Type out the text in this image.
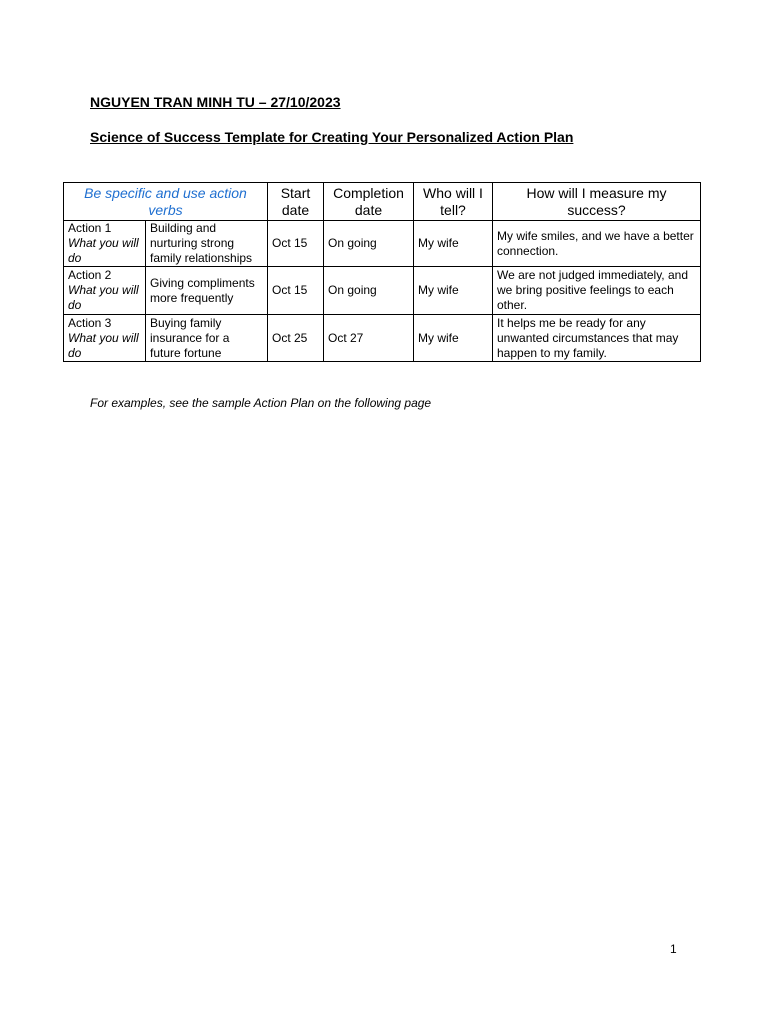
NGUYEN TRAN MINH TU – 27/10/2023

Science of Success Template for Creating Your Personalized Action Plan

Be specific and use action verbs		Start date	Completion date	Who will I tell?	How will I measure my success?
Action 1
What you will do	Building and nurturing strong family relationships	Oct 15	On going	My wife	My wife smiles, and we have a better connection.
Action 2
What you will do	Giving compliments more frequently	Oct 15	On going	My wife	We are not judged immediately, and we bring positive feelings to each other.
Action 3
What you will do	Buying family insurance for a future fortune	Oct 25	Oct 27	My wife	It helps me be ready for any unwanted circumstances that may happen to my family.

For examples, see the sample Action Plan on the following page

1
